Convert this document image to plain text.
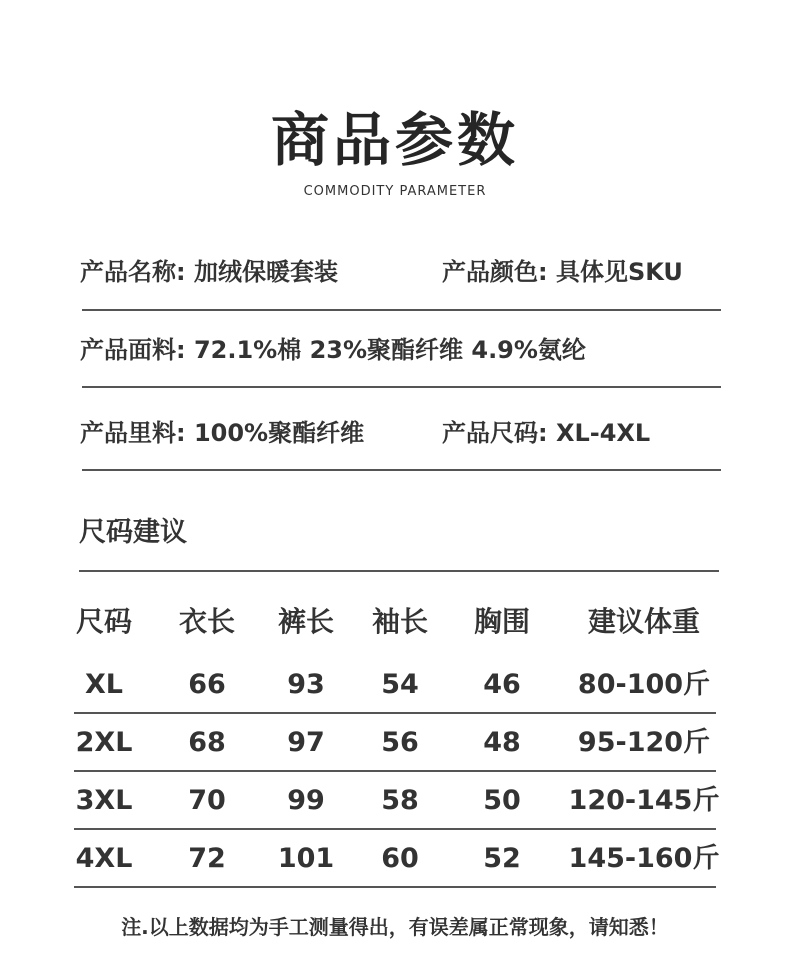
商品参数
COMMODITY PARAMETER
产品名称: 加绒保暖套装	产品颜色: 具体见SKU
产品面料: 72.1%棉 23%聚酯纤维 4.9%氨纶
产品里料: 100%聚酯纤维	产品尺码: XL-4XL
尺码建议
尺码	衣长	裤长	袖长	胸围	建议体重
XL	66	93	54	46	80-100斤
2XL	68	97	56	48	95-120斤
3XL	70	99	58	50	120-145斤
4XL	72	101	60	52	145-160斤
注.以上数据均为手工测量得出，有误差属正常现象，请知悉！
